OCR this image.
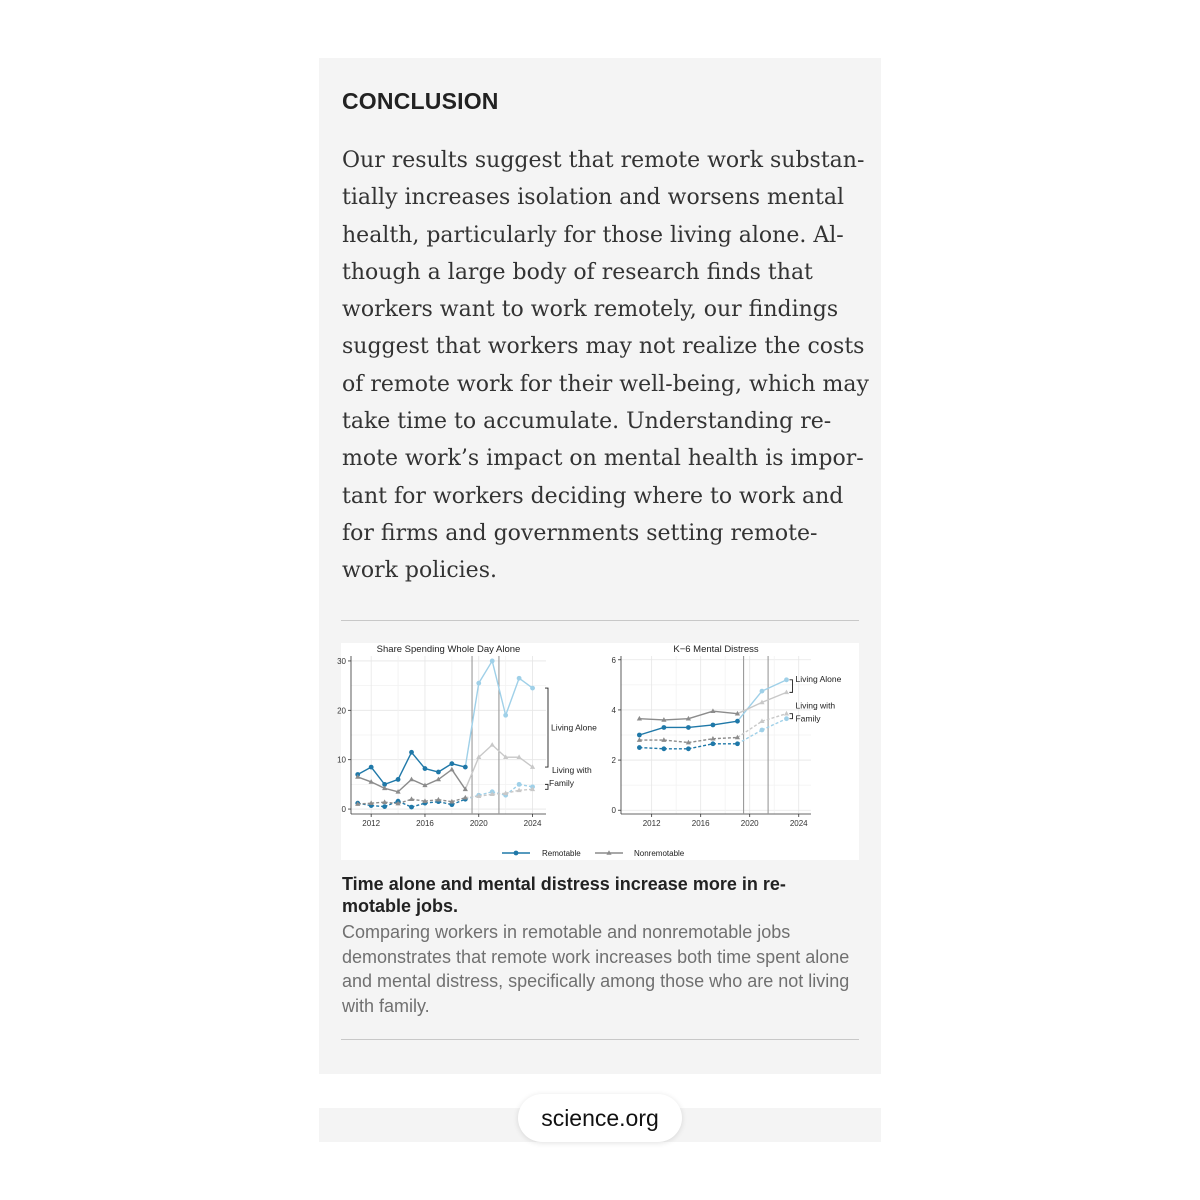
CONCLUSION

Our results suggest that remote work substan-
tially increases isolation and worsens mental
health, particularly for those living alone. Al-
though a large body of research finds that
workers want to work remotely, our findings
suggest that workers may not realize the costs
of remote work for their well-being, which may
take time to accumulate. Understanding re-
mote work’s impact on mental health is impor-
tant for workers deciding where to work and
for firms and governments setting remote-
work policies.

Share Spending Whole Day Alone
0
10
20
30
2012	2016	2020	2024
Living Alone
Living with
Family
K−6 Mental Distress
0
2
4
6
2012	2016	2020	2024
Living Alone
Living with
Family
Remotable	Nonremotable

Time alone and mental distress increase more in re-
motable jobs.

Comparing workers in remotable and nonremotable jobs demonstrates that remote work increases both time spent alone and mental distress, specifically among those who are not living with family.

science.org
